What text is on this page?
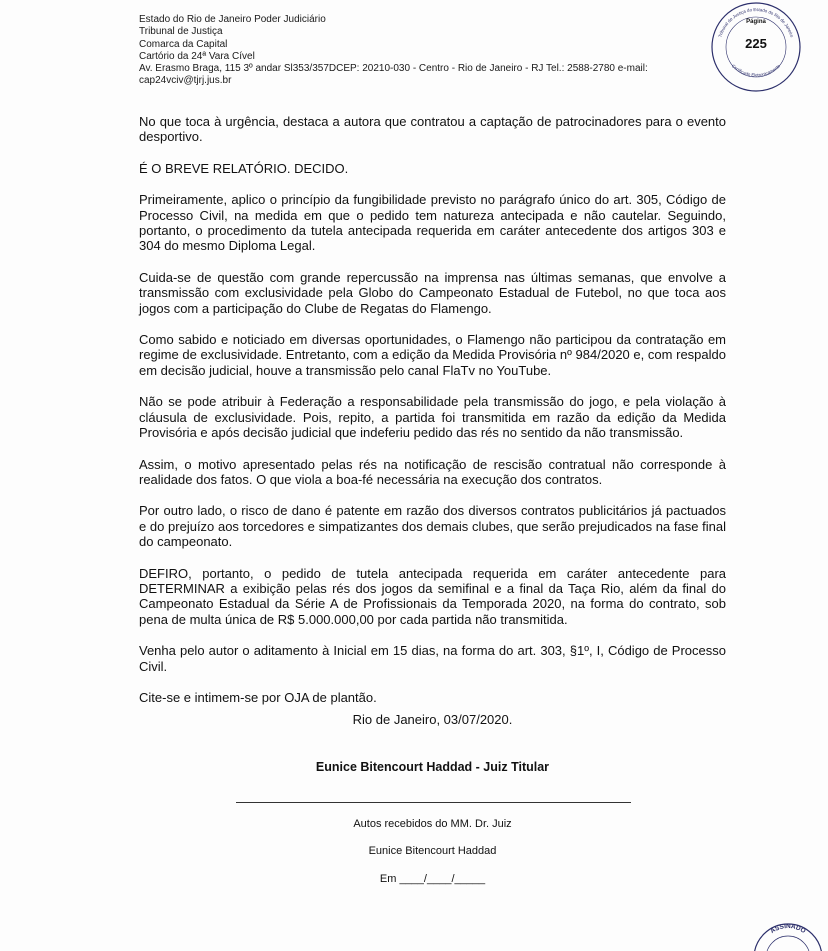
Estado do Rio de Janeiro Poder Judiciário
Tribunal de Justiça
Comarca da Capital
Cartório da 24ª Vara Cível
Av. Erasmo Braga, 115 3º andar Sl353/357DCEP: 20210-030 - Centro - Rio de Janeiro - RJ Tel.: 2588-2780 e-mail:
cap24vciv@tjrj.jus.br
Tribunal de Justiça do Estado do Rio de Janeiro
Certificado Eletronicamente
Página
225

No que toca à urgência, destaca a autora que contratou a captação de patrocinadores para o evento desportivo.

É O BREVE RELATÓRIO. DECIDO.

Primeiramente, aplico o princípio da fungibilidade previsto no parágrafo único do art. 305, Código de Processo Civil, na medida em que o pedido tem natureza antecipada e não cautelar. Seguindo, portanto, o procedimento da tutela antecipada requerida em caráter antecedente dos artigos 303 e 304 do mesmo Diploma Legal.

Cuida-se de questão com grande repercussão na imprensa nas últimas semanas, que envolve a transmissão com exclusividade pela Globo do Campeonato Estadual de Futebol, no que toca aos jogos com a participação do Clube de Regatas do Flamengo.

Como sabido e noticiado em diversas oportunidades, o Flamengo não participou da contratação em regime de exclusividade. Entretanto, com a edição da Medida Provisória nº 984/2020 e, com respaldo em decisão judicial, houve a transmissão pelo canal FlaTv no YouTube.

Não se pode atribuir à Federação a responsabilidade pela transmissão do jogo, e pela violação à cláusula de exclusividade. Pois, repito, a partida foi transmitida em razão da edição da Medida Provisória e após decisão judicial que indeferiu pedido das rés no sentido da não transmissão.

Assim, o motivo apresentado pelas rés na notificação de rescisão contratual não corresponde à realidade dos fatos. O que viola a boa-fé necessária na execução dos contratos.

Por outro lado, o risco de dano é patente em razão dos diversos contratos publicitários já pactuados e do prejuízo aos torcedores e simpatizantes dos demais clubes, que serão prejudicados na fase final do campeonato.

DEFIRO, portanto, o pedido de tutela antecipada requerida em caráter antecedente para DETERMINAR a exibição pelas rés dos jogos da semifinal e a final da Taça Rio, além da final do Campeonato Estadual da Série A de Profissionais da Temporada 2020, na forma do contrato, sob pena de multa única de R$ 5.000.000,00 por cada partida não transmitida.

Venha pelo autor o aditamento à Inicial em 15 dias, na forma do art. 303, §1º, I, Código de Processo Civil.

Cite-se e intimem-se por OJA de plantão.

Rio de Janeiro, 03/07/2020.
Eunice Bitencourt Haddad - Juiz Titular
Autos recebidos do MM. Dr. Juiz
Eunice Bitencourt Haddad
Em ____/____/_____
ASSINADO
